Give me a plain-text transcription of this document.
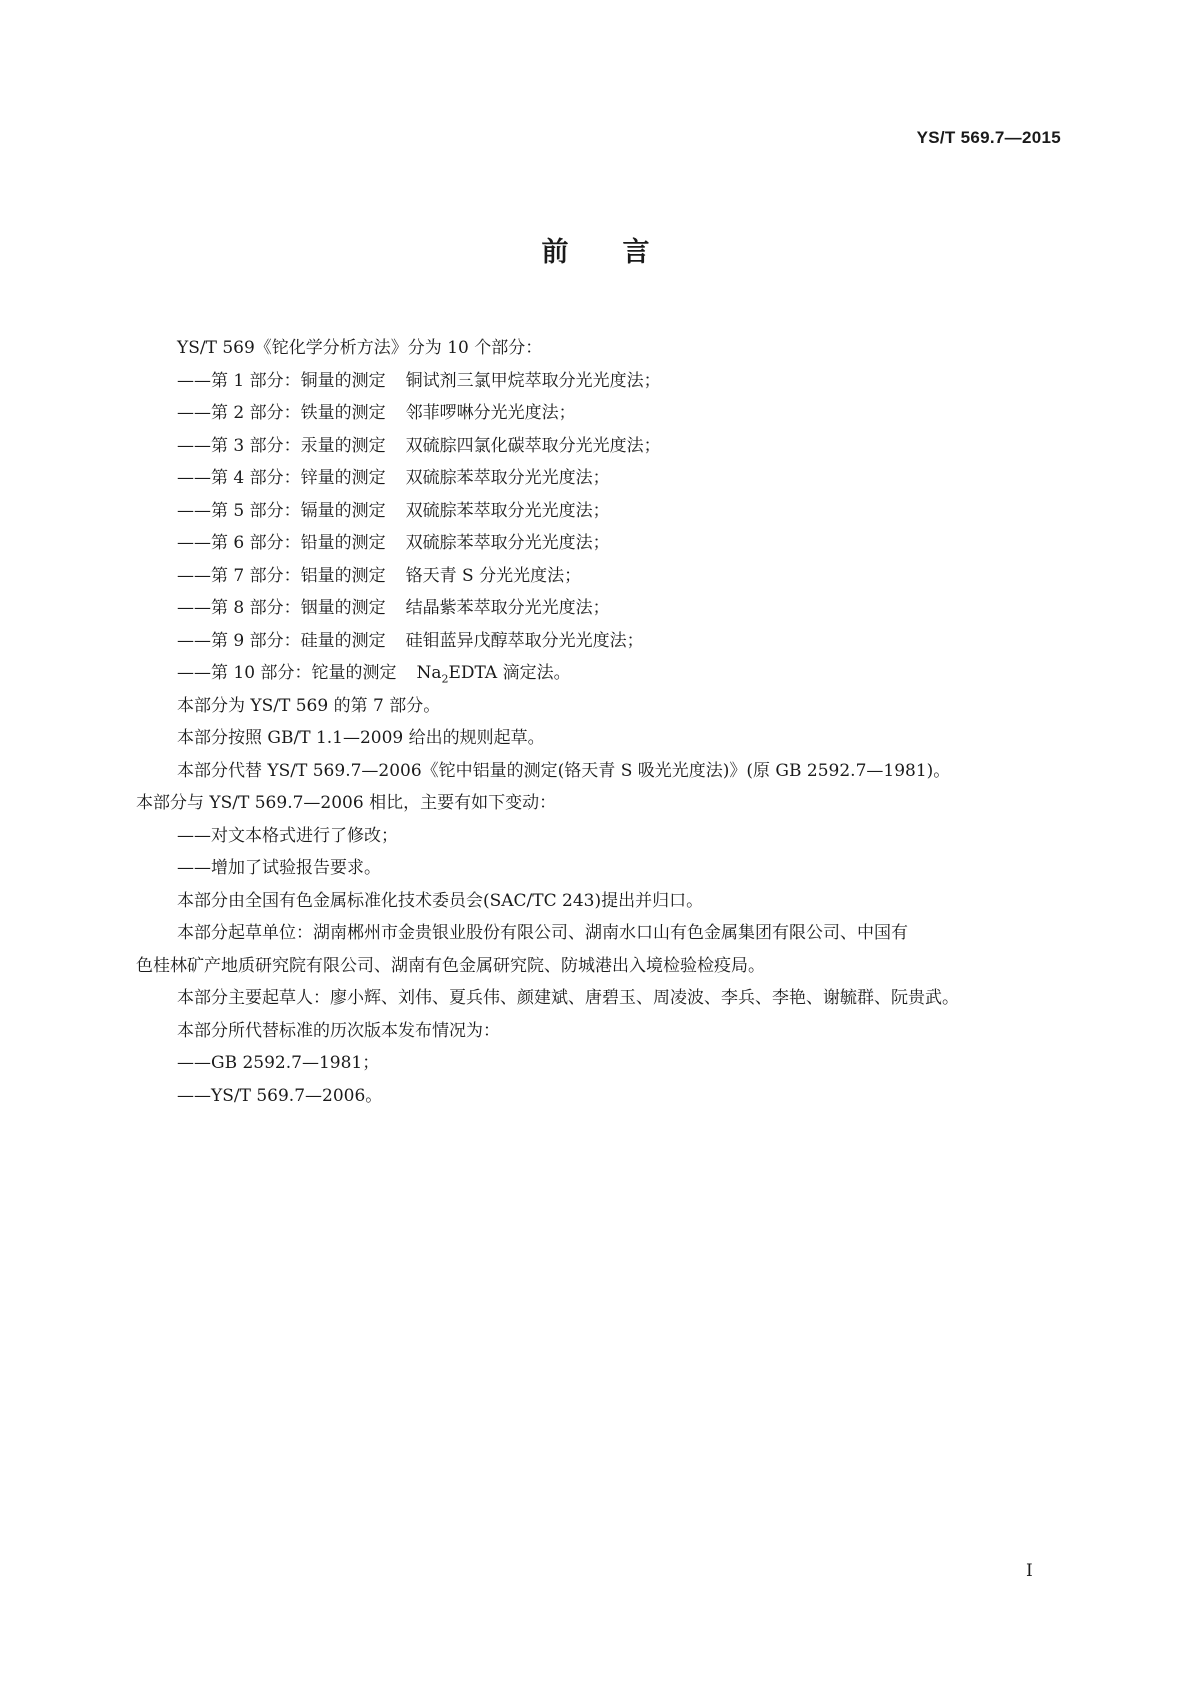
YS/T 569.7—2015
前言
YS/T 569《铊化学分析方法》分为 10 个部分：
——第 1 部分：铜量的测定 铜试剂三氯甲烷萃取分光光度法；
——第 2 部分：铁量的测定 邻菲啰啉分光光度法；
——第 3 部分：汞量的测定 双硫腙四氯化碳萃取分光光度法；
——第 4 部分：锌量的测定 双硫腙苯萃取分光光度法；
——第 5 部分：镉量的测定 双硫腙苯萃取分光光度法；
——第 6 部分：铅量的测定 双硫腙苯萃取分光光度法；
——第 7 部分：铝量的测定 铬天青 S 分光光度法；
——第 8 部分：铟量的测定 结晶紫苯萃取分光光度法；
——第 9 部分：硅量的测定 硅钼蓝异戊醇萃取分光光度法；
——第 10 部分：铊量的测定 $Na_2EDTA$ 滴定法。
本部分为 YS/T 569 的第 7 部分。
本部分按照 GB/T 1.1—2009 给出的规则起草。
本部分代替 YS/T 569.7—2006《铊中铝量的测定(铬天青 S 吸光光度法)》(原 GB 2592.7—1981)。
本部分与 YS/T 569.7—2006 相比，主要有如下变动：
——对文本格式进行了修改；
——增加了试验报告要求。
本部分由全国有色金属标准化技术委员会(SAC/TC 243)提出并归口。
本部分起草单位：湖南郴州市金贵银业股份有限公司、湖南水口山有色金属集团有限公司、中国有
色桂林矿产地质研究院有限公司、湖南有色金属研究院、防城港出入境检验检疫局。
本部分主要起草人：廖小辉、刘伟、夏兵伟、颜建斌、唐碧玉、周凌波、李兵、李艳、谢毓群、阮贵武。
本部分所代替标准的历次版本发布情况为：
——GB 2592.7—1981；
——YS/T 569.7—2006。
I
